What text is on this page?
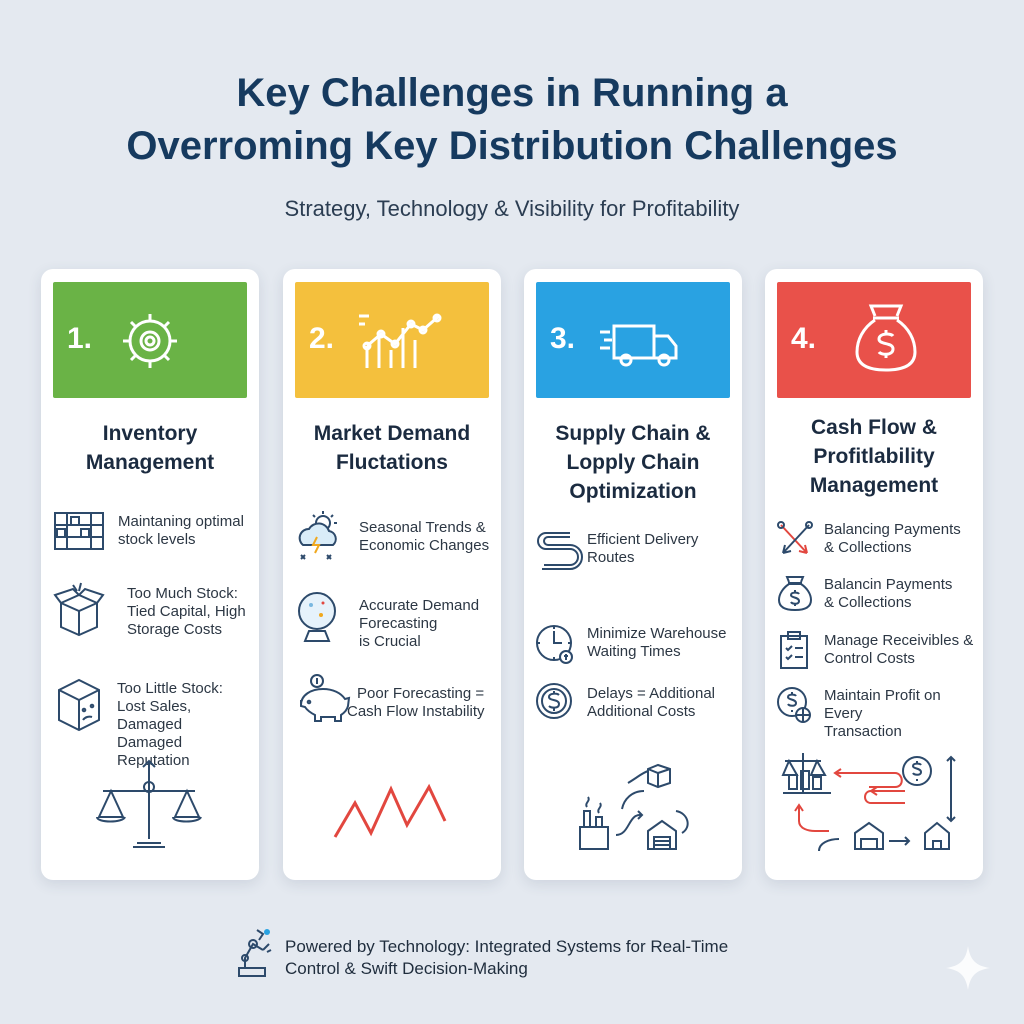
Key Challenges in Running a
Overroming Key Distribution Challenges
Strategy, Technology & Visibility for Profitability
1.
Inventory
Management
Maintaning optimal
stock levels
Too Much Stock:
Tied Capital, High
Storage Costs
Too Little Stock:
Lost Sales, Damaged
Damaged Reputation
2.
Market Demand
Fluctations
Seasonal Trends &
Economic Changes
Accurate Demand
Forecasting
is Crucial
Poor Forecasting =
Cash Flow Instability
3.
Supply Chain &
Lopply Chain
Optimization
Efficient Delivery
Routes
Minimize Warehouse
Waiting Times
Delays = Additional
Additional Costs
4.
Cash Flow &
Profitlability
Management
Balancing Payments
& Collections
Balancin Payments
& Collections
Manage Receivibles &
Control Costs
Maintain Profit on Every
Transaction
Powered by Technology: Integrated Systems for Real-Time
Control & Swift Decision-Making
